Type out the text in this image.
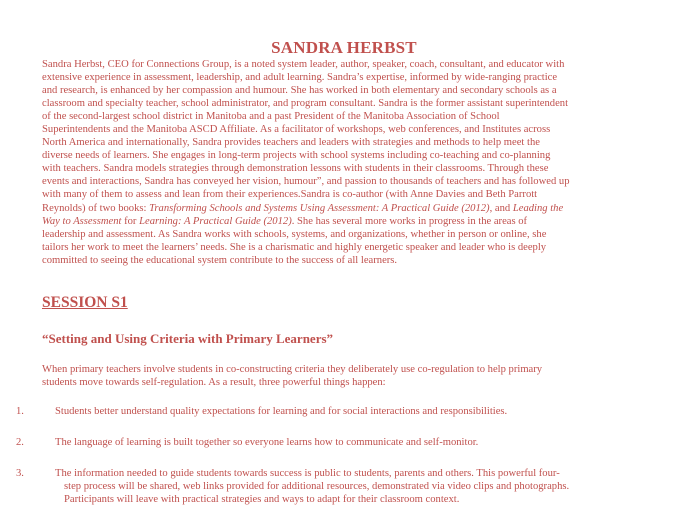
SANDRA HERBST
Sandra Herbst, CEO for Connections Group, is a noted system leader, author, speaker, coach, consultant, and educator with
extensive experience in assessment, leadership, and adult learning. Sandra’s expertise, informed by wide-ranging practice
and research, is enhanced by her compassion and humour. She has worked in both elementary and secondary schools as a
classroom and specialty teacher, school administrator, and program consultant. Sandra is the former assistant superintendent
of the second-largest school district in Manitoba and a past President of the Manitoba Association of School
Superintendents and the Manitoba ASCD Affiliate. As a facilitator of workshops, web conferences, and Institutes across
North America and internationally, Sandra provides teachers and leaders with strategies and methods to help meet the
diverse needs of learners. She engages in long-term projects with school systems including co-teaching and co-planning
with teachers. Sandra models strategies through demonstration lessons with students in their classrooms. Through these
events and interactions, Sandra has conveyed her vision, humour”, and passion to thousands of teachers and has followed up
with many of them to assess and lean from their experiences.Sandra is co-author (with Anne Davies and Beth Parrott
Reynolds) of two books: Transforming Schools and Systems Using Assessment: A Practical Guide (2012), and Leading the
Way to Assessment for Learning: A Practical Guide (2012). She has several more works in progress in the areas of
leadership and assessment. As Sandra works with schools, systems, and organizations, whether in person or online, she
tailors her work to meet the learners’ needs. She is a charismatic and highly energetic speaker and leader who is deeply
committed to seeing the educational system contribute to the success of all learners.
SESSION S1
“Setting and Using Criteria with Primary Learners”
When primary teachers involve students in co-constructing criteria they deliberately use co-regulation to help primary
students move towards self-regulation. As a result, three powerful things happen:
1.	Students better understand quality expectations for learning and for social interactions and responsibilities.
2.	The language of learning is built together so everyone learns how to communicate and self-monitor.
3.	The information needed to guide students towards success is public to students, parents and others. This powerful four-
step process will be shared, web links provided for additional resources, demonstrated via video clips and photographs.
Participants will leave with practical strategies and ways to adapt for their classroom context.
